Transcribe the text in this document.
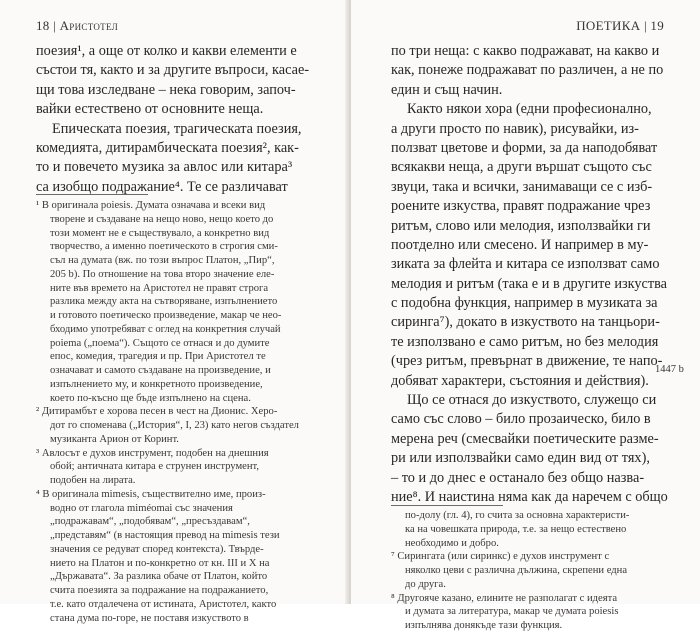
18 | Аристотел
поезия¹, а още от колко и какви елементи е
състои тя, както и за другите въпроси, касае-
щи това изследване – нека говорим, започ-
вайки естествено от основните неща.
Епическата поезия, трагическата поезия,
комедията, дитирамбическата поезия², как-
то и повечето музика за авлос или китара³
са изобщо подражание⁴. Те се различават
¹ В оригинала poiesis. Думата означава и всеки вид
творене и създаване на нещо ново, нещо което до
този момент не е съществувало, а конкретно вид
творчество, а именно поетическото в строгия сми-
съл на думата (вж. по този въпрос Платон, „Пир“,
205 b). По отношение на това второ значение еле-
ните във времето на Аристотел не правят строга
разлика между акта на сътворяване, изпълнението
и готовото поетическо произведение, макар че нео-
бходимо употребяват с оглед на конкретния случай
poiema („поема“). Същото се отнася и до думите
епос, комедия, трагедия и пр. При Аристотел те
означават и самото създаване на произведение, и
изпълнението му, и конкретното произведение,
което по-късно ще бъде изпълнено на сцена.
² Дитирамбът е хорова песен в чест на Дионис. Херо-
дот го споменава („История“, I, 23) като негов създател
музиканта Арион от Коринт.
³ Авлосът е духов инструмент, подобен на днешния
обой; античната китара е струнен инструмент,
подобен на лирата.
⁴ В оригинала mimesis, съществително име, произ-
водно от глагола miméomai със значения
„подражавам“, „подобявам“, „пресъздавам“,
„представям“ (в настоящия превод на mimesis тези
значения се редуват според контекста). Твърде-
нието на Платон и по-конкретно от кн. III и X на
„Държавата“. За разлика обаче от Платон, който
счита поезията за подражание на подражанието,
т.е. като отдалечена от истината, Аристотел, както
стана дума по-горе, не поставя изкуството в
ПОЕТИКА | 19
по три неща: с какво подражават, на какво и
как, понеже подражават по различен, а не по
един и същ начин.
Както някои хора (едни професионално,
а други просто по навик), рисувайки, из-
ползват цветове и форми, за да наподобяват
всякакви неща, а други вършат същото със
звуци, така и всички, занимаващи се с изб-
роените изкуства, правят подражание чрез
ритъм, слово или мелодия, използвайки ги
поотделно или смесено. И например в му-
зиката за флейта и китара се използват само
мелодия и ритъм (така е и в другите изкуства
с подобна функция, например в музиката за
сиринга⁷), докато в изкуството на танцьори-
те използвано е само ритъм, но без мелодия
(чрез ритъм, превърнат в движение, те напо-
добяват характери, състояния и действия).
Що се отнася до изкуството, служещо си
само със слово – било прозаическо, било в
мерена реч (смесвайки поетическите разме-
ри или използвайки само един вид от тях),
– то и до днес е останало без общо назва-
ние⁸. И наистина няма как да наречем с общо
1447 b
по-долу (гл. 4), го счита за основна характеристи-
ка на човешката природа, т.е. за нещо естествено
необходимо и добро.
⁷ Сирингата (или сиринкс) е духов инструмент с
няколко цеви с различна дължина, скрепени една
до друга.
⁸ Другояче казано, елините не разполагат с идеята
и думата за литература, макар че думата poiesis
изпълнява донякъде тази функция.
